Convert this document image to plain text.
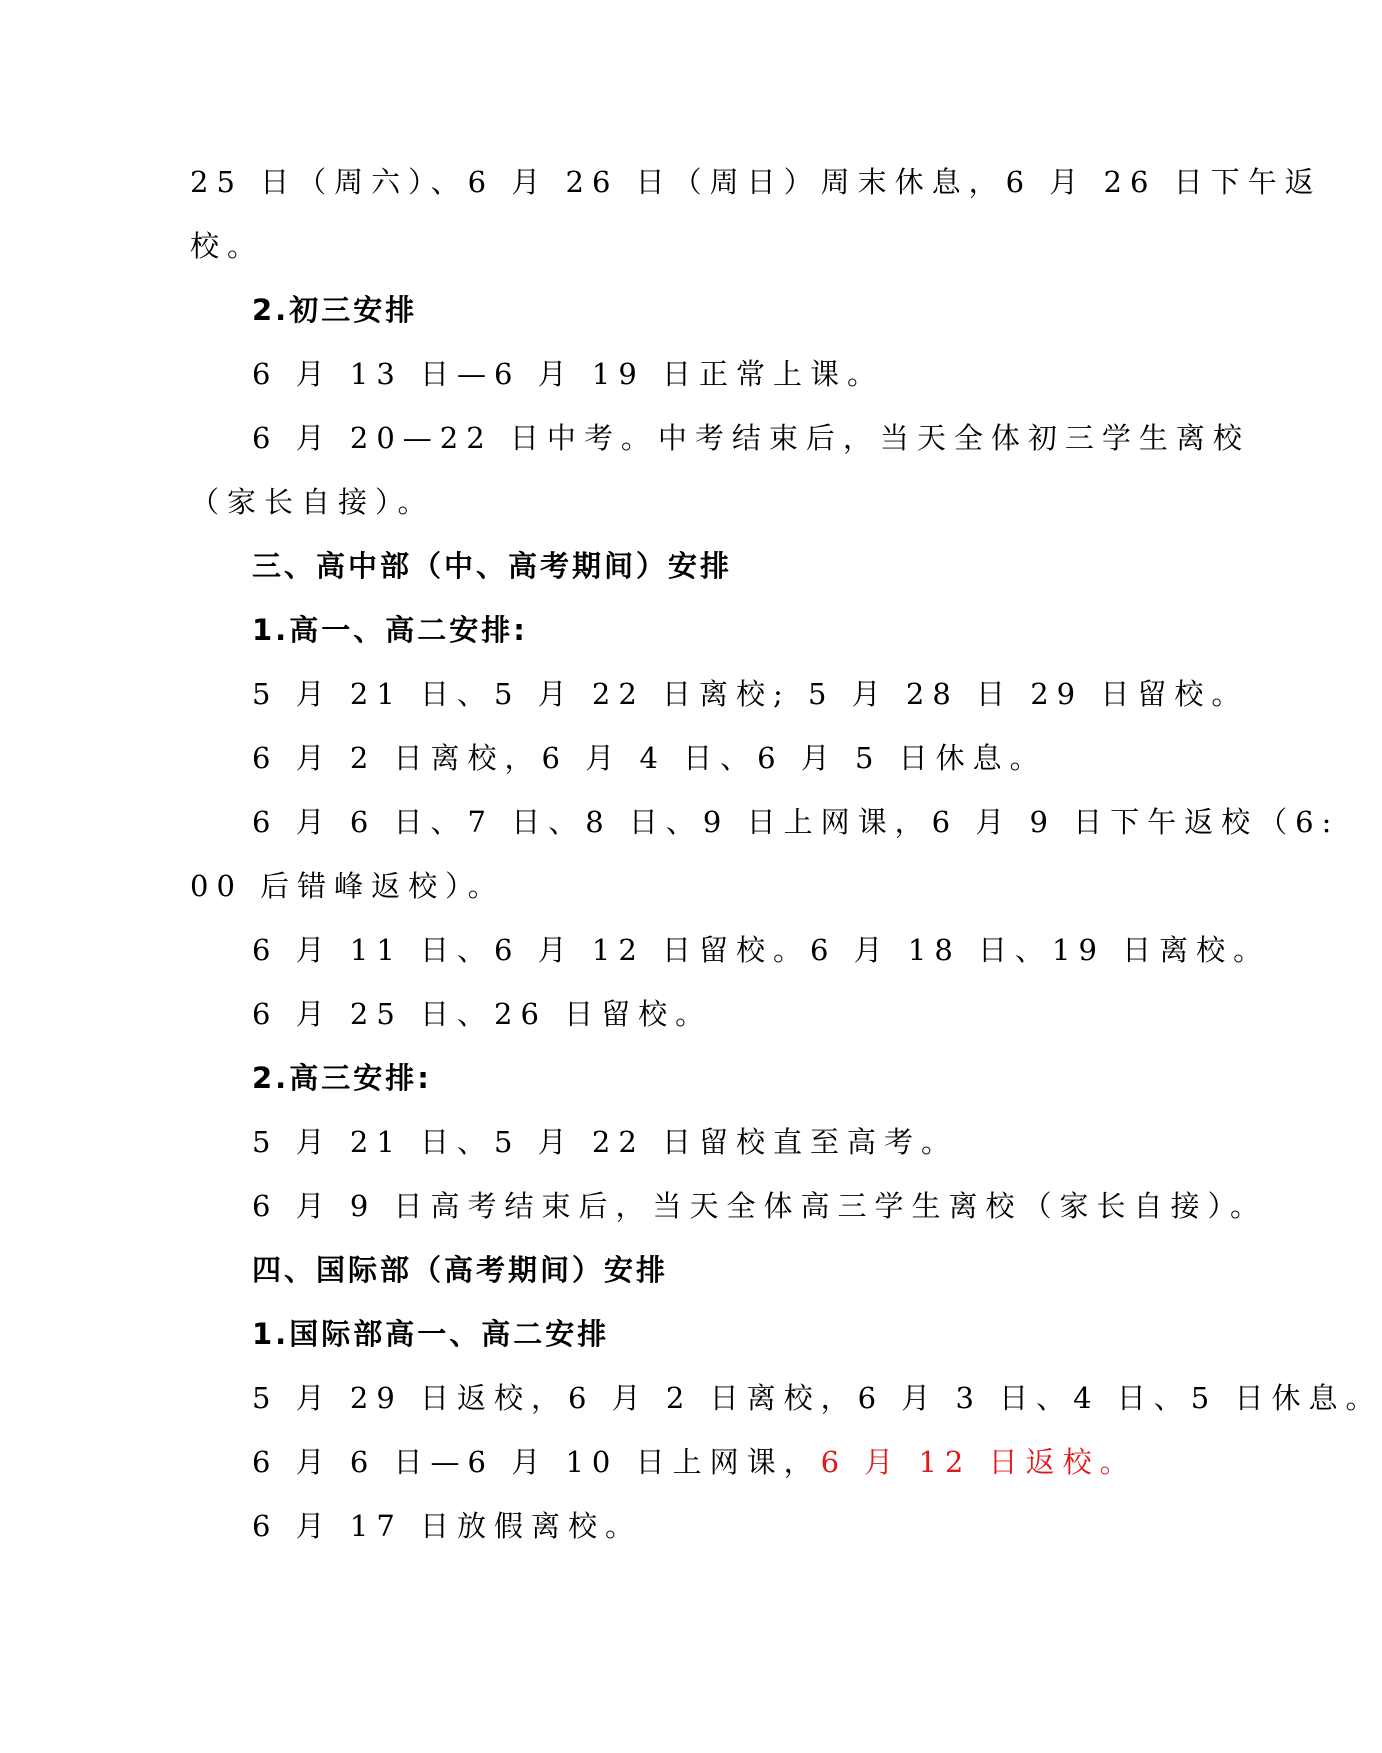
25 日（周六）、6 月 26 日（周日）周末休息，6 月 26 日下午返

校。

2.初三安排

6 月 13 日—6 月 19 日正常上课。

6 月 20—22 日中考。中考结束后，当天全体初三学生离校

（家长自接）。

三、高中部（中、高考期间）安排

1.高一、高二安排:

5 月 21 日、5 月 22 日离校; 5 月 28 日 29 日留校。

6 月 2 日离校，6 月 4 日、6 月 5 日休息。

6 月 6 日、7 日、8 日、9 日上网课，6 月 9 日下午返校（6:

00 后错峰返校）。

6 月 11 日、6 月 12 日留校。6 月 18 日、19 日离校。

6 月 25 日、26 日留校。

2.高三安排:

5 月 21 日、5 月 22 日留校直至高考。

6 月 9 日高考结束后，当天全体高三学生离校（家长自接）。

四、国际部（高考期间）安排

1.国际部高一、高二安排

5 月 29 日返校，6 月 2 日离校，6 月 3 日、4 日、5 日休息。

6 月 6 日—6 月 10 日上网课，6 月 12 日返校。

6 月 17 日放假离校。
